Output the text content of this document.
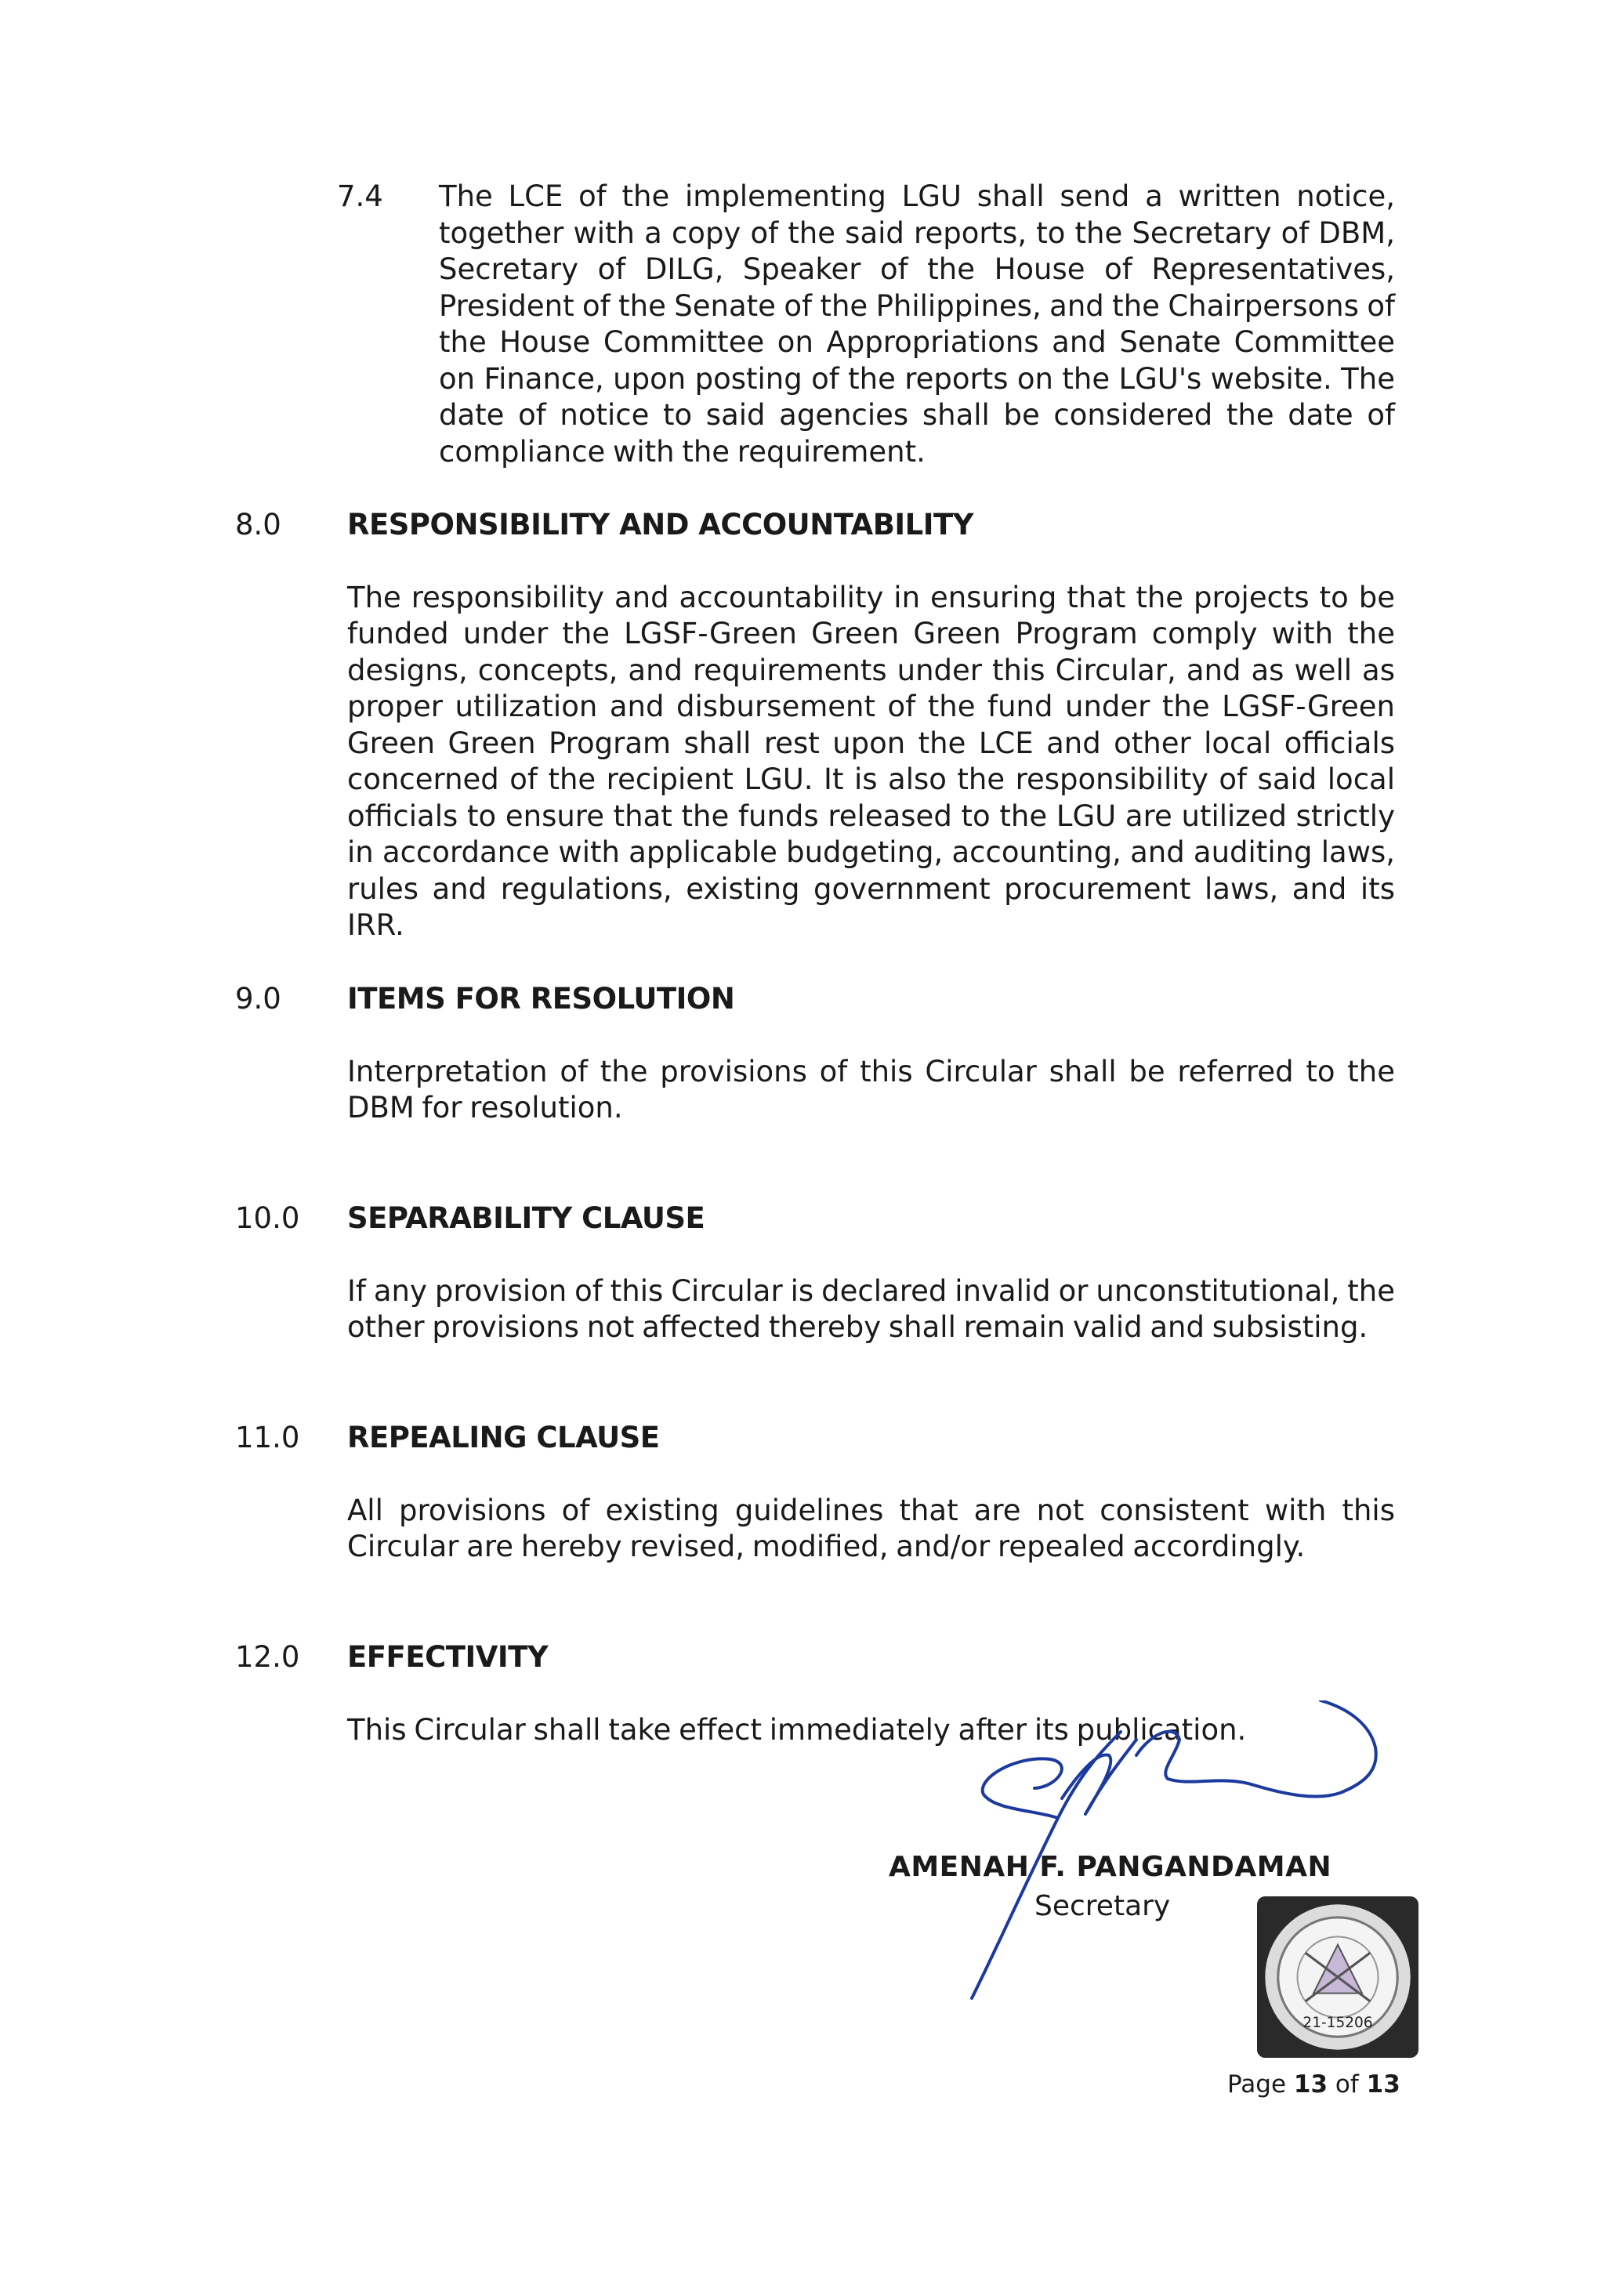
7.4 The LCE of the implementing LGU shall send a written notice, together with a copy of the said reports, to the Secretary of DBM, Secretary of DILG, Speaker of the House of Representatives, President of the Senate of the Philippines, and the Chairpersons of the House Committee on Appropriations and Senate Committee on Finance, upon posting of the reports on the LGU's website. The date of notice to said agencies shall be considered the date of compliance with the requirement.
8.0 RESPONSIBILITY AND ACCOUNTABILITY
The responsibility and accountability in ensuring that the projects to be funded under the LGSF-Green Green Green Program comply with the designs, concepts, and requirements under this Circular, and as well as proper utilization and disbursement of the fund under the LGSF-Green Green Green Program shall rest upon the LCE and other local officials concerned of the recipient LGU. It is also the responsibility of said local officials to ensure that the funds released to the LGU are utilized strictly in accordance with applicable budgeting, accounting, and auditing laws, rules and regulations, existing government procurement laws, and its IRR.
9.0 ITEMS FOR RESOLUTION
Interpretation of the provisions of this Circular shall be referred to the DBM for resolution.
10.0 SEPARABILITY CLAUSE
If any provision of this Circular is declared invalid or unconstitutional, the other provisions not affected thereby shall remain valid and subsisting.
11.0 REPEALING CLAUSE
All provisions of existing guidelines that are not consistent with this Circular are hereby revised, modified, and/or repealed accordingly.
12.0 EFFECTIVITY
This Circular shall take effect immediately after its publication.
AMENAH F. PANGANDAMAN
Secretary
21-15206
Page 13 of 13
